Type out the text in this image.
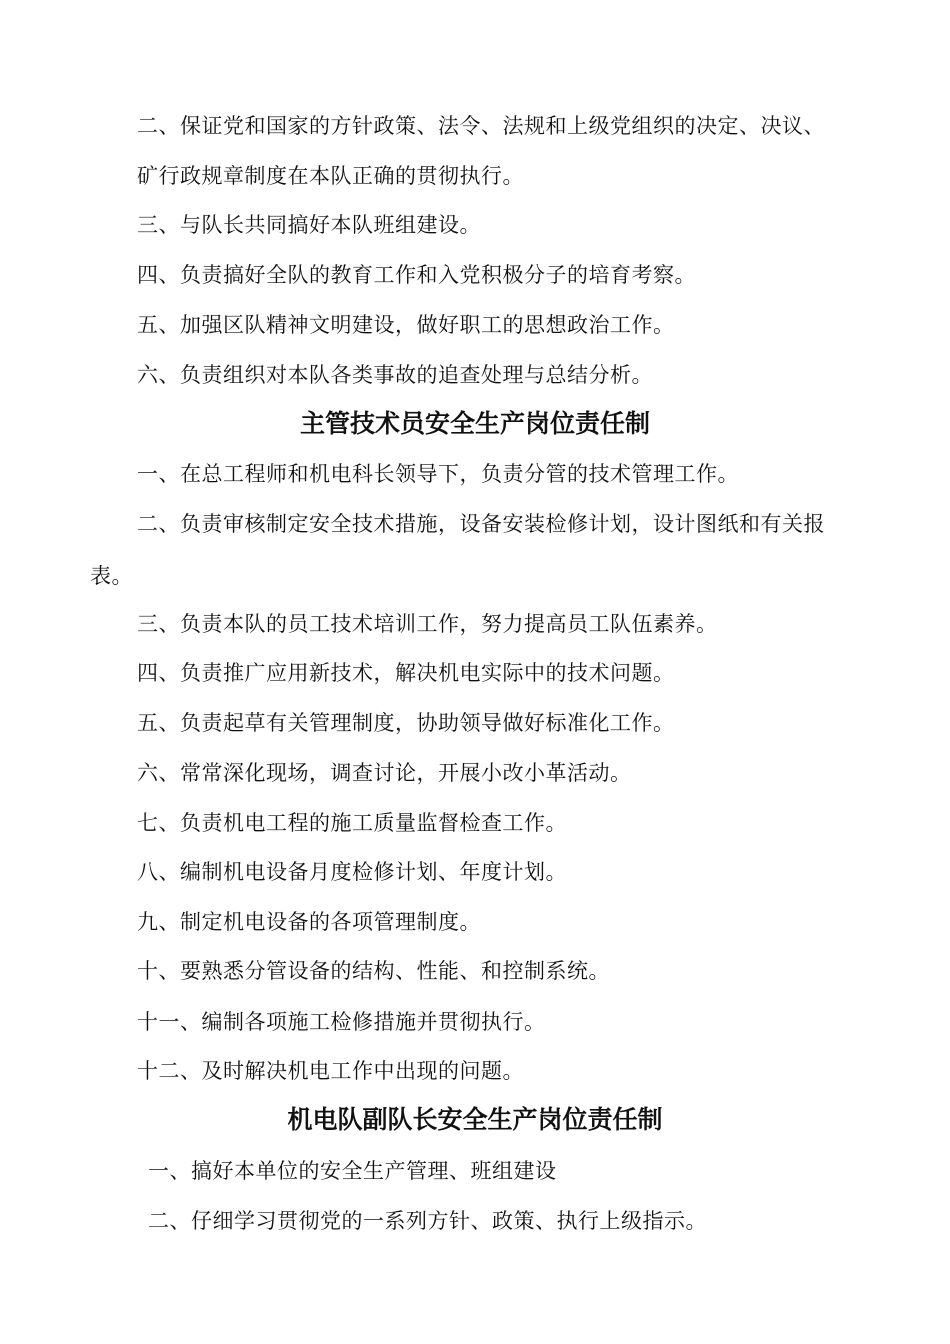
二、保证党和国家的方针政策、法令、法规和上级党组织的决定、决议、
矿行政规章制度在本队正确的贯彻执行。
三、与队长共同搞好本队班组建设。
四、负责搞好全队的教育工作和入党积极分子的培育考察。
五、加强区队精神文明建设，做好职工的思想政治工作。
六、负责组织对本队各类事故的追查处理与总结分析。
主管技术员安全生产岗位责任制
一、在总工程师和机电科长领导下，负责分管的技术管理工作。
二、负责审核制定安全技术措施，设备安装检修计划，设计图纸和有关报
表。
三、负责本队的员工技术培训工作，努力提高员工队伍素养。
四、负责推广应用新技术，解决机电实际中的技术问题。
五、负责起草有关管理制度，协助领导做好标准化工作。
六、常常深化现场，调查讨论，开展小改小革活动。
七、负责机电工程的施工质量监督检查工作。
八、编制机电设备月度检修计划、年度计划。
九、制定机电设备的各项管理制度。
十、要熟悉分管设备的结构、性能、和控制系统。
十一、编制各项施工检修措施并贯彻执行。
十二、及时解决机电工作中出现的问题。
机电队副队长安全生产岗位责任制
一、搞好本单位的安全生产管理、班组建设
二、仔细学习贯彻党的一系列方针、政策、执行上级指示。
